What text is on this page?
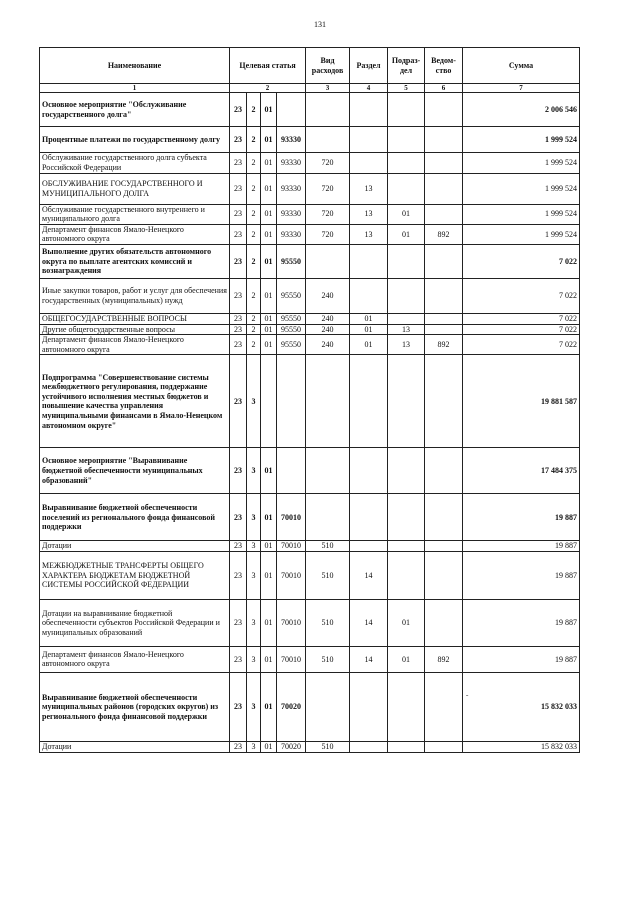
131
Наименование	Целевая статья				Вид расходов	Раздел	Подраз-дел	Ведом-ство	Сумма
1	2				3	4	5	6	7
Основное мероприятие "Обслуживание государственного долга"	23	2	01						2 006 546
Процентные платежи по государственному долгу	23	2	01	93330					1 999 524
Обслуживание государственного долга субъекта Российской Федерации	23	2	01	93330	720				1 999 524
ОБСЛУЖИВАНИЕ ГОСУДАРСТВЕННОГО И МУНИЦИПАЛЬНОГО ДОЛГА	23	2	01	93330	720	13			1 999 524
Обслуживание государственного внутреннего и муниципального долга	23	2	01	93330	720	13	01		1 999 524
Департамент финансов Ямало-Ненецкого автономного округа	23	2	01	93330	720	13	01	892	1 999 524
Выполнение других обязательств автономного округа по выплате агентских комиссий и вознаграждения	23	2	01	95550					7 022
Иные закупки товаров, работ и услуг для обеспечения государственных (муниципальных) нужд	23	2	01	95550	240				7 022
ОБЩЕГОСУДАРСТВЕННЫЕ ВОПРОСЫ	23	2	01	95550	240	01			7 022
Другие общегосударственные вопросы	23	2	01	95550	240	01	13		7 022
Департамент финансов Ямало-Ненецкого автономного округа	23	2	01	95550	240	01	13	892	7 022
Подпрограмма "Совершенствование системы межбюджетного регулирования, поддержание устойчивого исполнения местных бюджетов и повышение качества управления муниципальными финансами в Ямало-Ненецком автономном округе"	23	3							19 881 587
Основное мероприятие "Выравнивание бюджетной обеспеченности муниципальных образований"	23	3	01						17 484 375
Выравнивание бюджетной обеспеченности поселений из регионального фонда финансовой поддержки	23	3	01	70010					19 887
Дотации	23	3	01	70010	510				19 887
МЕЖБЮДЖЕТНЫЕ ТРАНСФЕРТЫ ОБЩЕГО ХАРАКТЕРА БЮДЖЕТАМ БЮДЖЕТНОЙ СИСТЕМЫ РОССИЙСКОЙ ФЕДЕРАЦИИ	23	3	01	70010	510	14			19 887
Дотации на выравнивание бюджетной обеспеченности субъектов Российской Федерации и муниципальных образований	23	3	01	70010	510	14	01		19 887
Департамент финансов Ямало-Ненецкого автономного округа	23	3	01	70010	510	14	01	892	19 887
Выравнивание бюджетной обеспеченности муниципальных районов (городских округов) из регионального фонда финансовой поддержки	23	3	01	70020					15 832 033
Дотации	23	3	01	70020	510				15 832 033
ˇ
